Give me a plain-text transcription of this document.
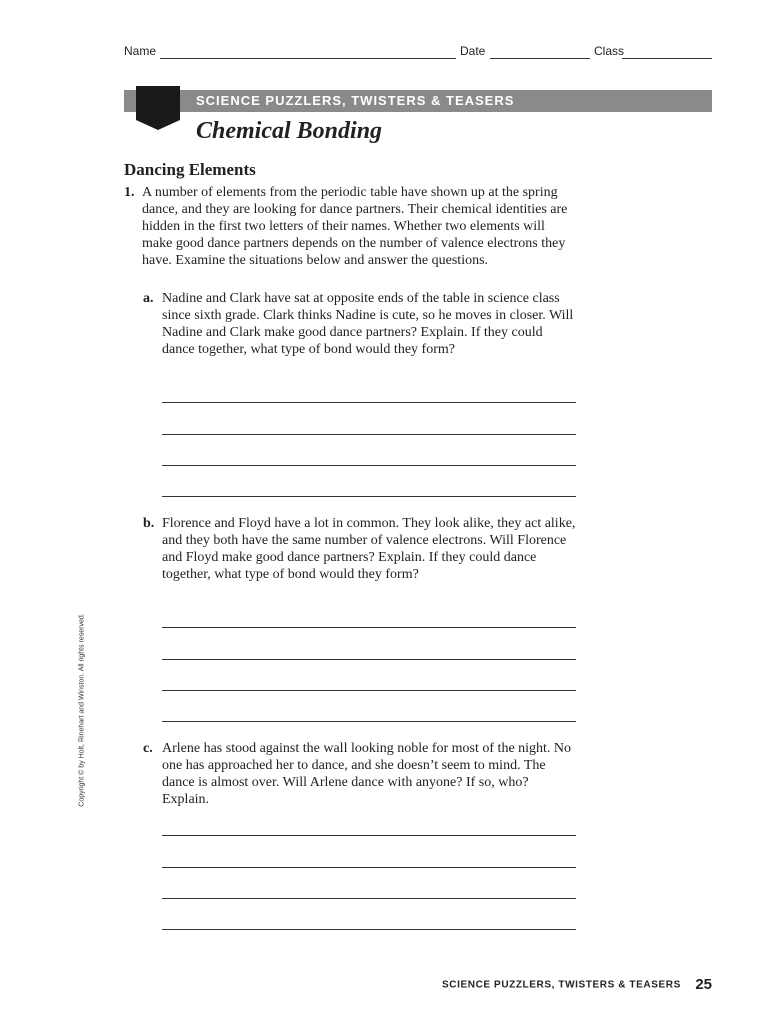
Name	Date	Class
SCIENCE PUZZLERS, TWISTERS & TEASERS
Chemical Bonding
Dancing Elements
1. A number of elements from the periodic table have shown up at the spring dance, and they are looking for dance partners. Their chemical identities are hidden in the first two letters of their names. Whether two elements will make good dance partners depends on the number of valence electrons they have. Examine the situations below and answer the questions.
a. Nadine and Clark have sat at opposite ends of the table in science class since sixth grade. Clark thinks Nadine is cute, so he moves in closer. Will Nadine and Clark make good dance partners? Explain. If they could dance together, what type of bond would they form?
b. Florence and Floyd have a lot in common. They look alike, they act alike, and they both have the same number of valence electrons. Will Florence and Floyd make good dance partners? Explain. If they could dance together, what type of bond would they form?
c. Arlene has stood against the wall looking noble for most of the night. No one has approached her to dance, and she doesn’t seem to mind. The dance is almost over. Will Arlene dance with anyone? If so, who? Explain.
Copyright © by Holt, Rinehart and Winston. All rights reserved.
SCIENCE PUZZLERS, TWISTERS & TEASERS 25
